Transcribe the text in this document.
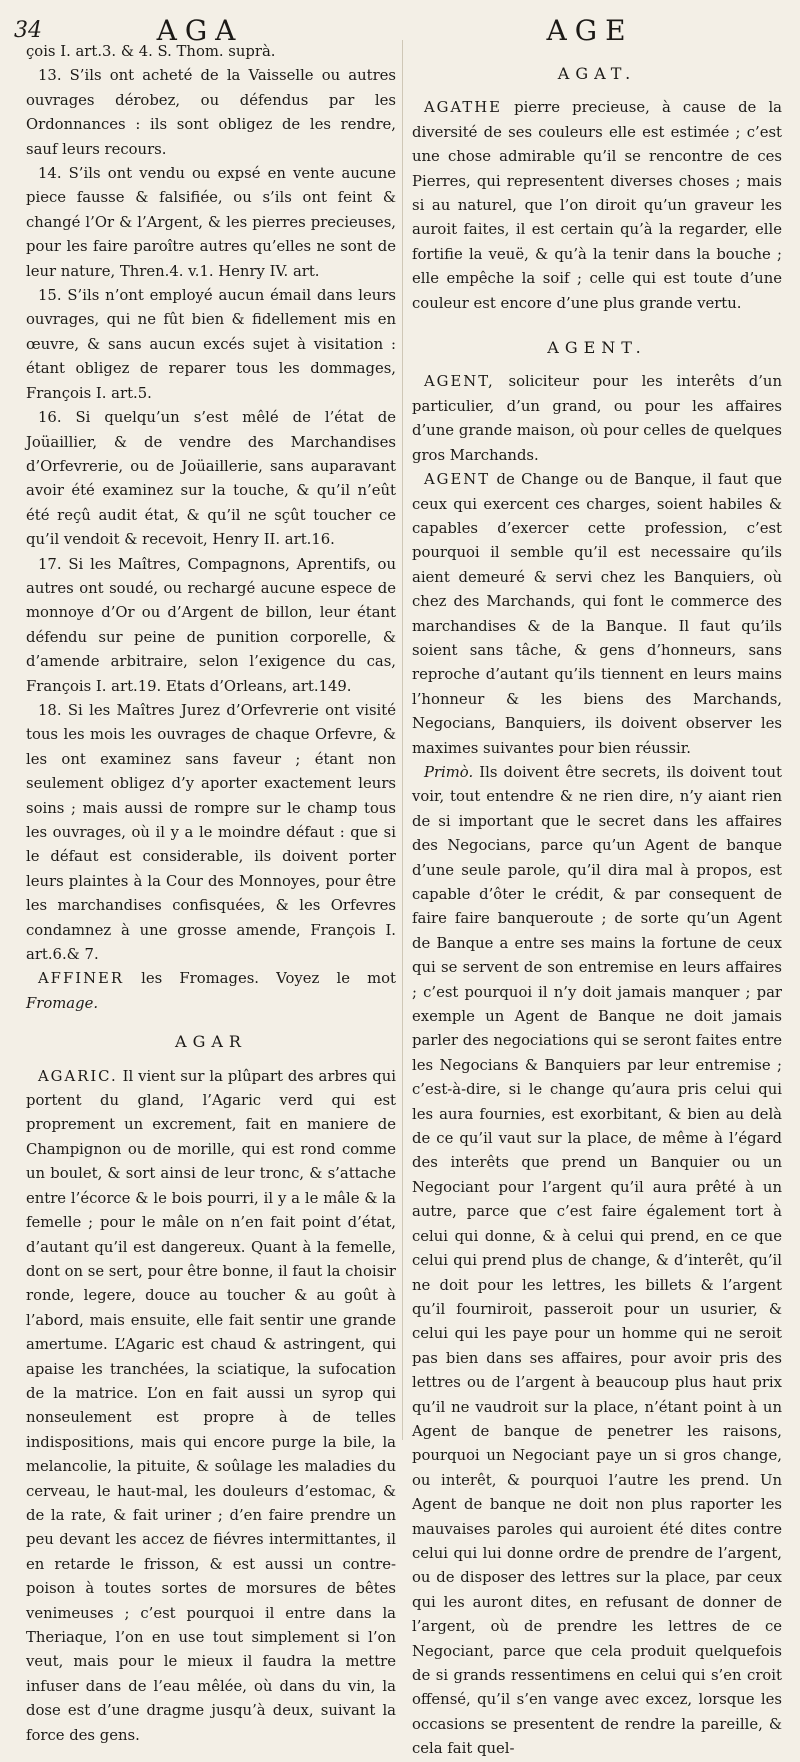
34	AGA	AGE

çois I. art.3. & 4. S. Thom. suprà.

13. S’ils ont acheté de la Vaisselle ou autres ouvrages dérobez, ou défendus par les Ordonnances : ils sont obligez de les rendre, sauf leurs recours.

14. S’ils ont vendu ou expsé en vente aucune piece fausse & falsifiée, ou s’ils ont feint & changé l’Or & l’Argent, & les pierres precieuses, pour les faire paroître autres qu’elles ne sont de leur nature, Thren.4. v.1. Henry IV. art.

15. S’ils n’ont employé aucun émail dans leurs ouvrages, qui ne fût bien & fidellement mis en œuvre, & sans aucun excés sujet à visitation : étant obligez de reparer tous les dommages, François I. art.5.

16. Si quelqu’un s’est mêlé de l’état de Joüaillier, & de vendre des Marchandises d’Orfevrerie, ou de Joüaillerie, sans auparavant avoir été examinez sur la touche, & qu’il n’eût été reçû audit état, & qu’il ne sçût toucher ce qu’il vendoit & recevoit, Henry II. art.16.

17. Si les Maîtres, Compagnons, Aprentifs, ou autres ont soudé, ou rechargé aucune espece de monnoye d’Or ou d’Argent de billon, leur étant défendu sur peine de punition corporelle, & d’amende arbitraire, selon l’exigence du cas, François I. art.19. Etats d’Orleans, art.149.

18. Si les Maîtres Jurez d’Orfevrerie ont visité tous les mois les ouvrages de chaque Orfevre, & les ont examinez sans faveur ; étant non seulement obligez d’y aporter exactement leurs soins ; mais aussi de rompre sur le champ tous les ouvrages, où il y a le moindre défaut : que si le défaut est considerable, ils doivent porter leurs plaintes à la Cour des Monnoyes, pour être les marchandises confisquées, & les Orfevres condamnez à une grosse amende, François I. art.6.& 7.

AFFINER les Fromages. Voyez le mot Fromage.

AGAR

AGARIC. Il vient sur la plûpart des arbres qui portent du gland, l’Agaric verd qui est proprement un excrement, fait en maniere de Champignon ou de morille, qui est rond comme un boulet, & sort ainsi de leur tronc, & s’attache entre l’écorce & le bois pourri, il y a le mâle & la femelle ; pour le mâle on n’en fait point d’état, d’autant qu’il est dangereux. Quant à la femelle, dont on se sert, pour être bonne, il faut la choisir ronde, legere, douce au toucher & au goût à l’abord, mais ensuite, elle fait sentir une grande amertume. L’Agaric est chaud & astringent, qui apaise les tranchées, la sciatique, la sufocation de la matrice. L’on en fait aussi un syrop qui nonseulement est propre à de telles indispositions, mais qui encore purge la bile, la melancolie, la pituite, & soûlage les maladies du cerveau, le haut-mal, les douleurs d’estomac, & de la rate, & fait uriner ; d’en faire prendre un peu devant les accez de fiévres intermittantes, il en retarde le frisson, & est aussi un contre-poison à toutes sortes de morsures de bêtes venimeuses ; c’est pourquoi il entre dans la Theriaque, l’on en use tout simplement si l’on veut, mais pour le mieux il faudra la mettre infuser dans de l’eau mêlée, où dans du vin, la dose est d’une dragme jusqu’à deux, suivant la force des gens.

AGAT.

AGATHE pierre precieuse, à cause de la diversité de ses couleurs elle est estimée ; c’est une chose admirable qu’il se rencontre de ces Pierres, qui representent diverses choses ; mais si au naturel, que l’on diroit qu’un graveur les auroit faites, il est certain qu’à la regarder, elle fortifie la veuë, & qu’à la tenir dans la bouche ; elle empêche la soif ; celle qui est toute d’une couleur est encore d’une plus grande vertu.

AGENT.

AGENT, soliciteur pour les interêts d’un particulier, d’un grand, ou pour les affaires d’une grande maison, où pour celles de quelques gros Marchands.

AGENT de Change ou de Banque, il faut que ceux qui exercent ces charges, soient habiles & capables d’exercer cette profession, c’est pourquoi il semble qu’il est necessaire qu’ils aient demeuré & servi chez les Banquiers, où chez des Marchands, qui font le commerce des marchandises & de la Banque. Il faut qu’ils soient sans tâche, & gens d’honneurs, sans reproche d’autant qu’ils tiennent en leurs mains l’honneur & les biens des Marchands, Negocians, Banquiers, ils doivent observer les maximes suivantes pour bien réussir.

Primò. Ils doivent être secrets, ils doivent tout voir, tout entendre & ne rien dire, n’y aiant rien de si important que le secret dans les affaires des Negocians, parce qu’un Agent de banque d’une seule parole, qu’il dira mal à propos, est capable d’ôter le crédit, & par consequent de faire faire banqueroute ; de sorte qu’un Agent de Banque a entre ses mains la fortune de ceux qui se servent de son entremise en leurs affaires ; c’est pourquoi il n’y doit jamais manquer ; par exemple un Agent de Banque ne doit jamais parler des negociations qui se seront faites entre les Negocians & Banquiers par leur entremise ; c’est-à-dire, si le change qu’aura pris celui qui les aura fournies, est exorbitant, & bien au delà de ce qu’il vaut sur la place, de même à l’égard des interêts que prend un Banquier ou un Negociant pour l’argent qu’il aura prêté à un autre, parce que c’est faire également tort à celui qui donne, & à celui qui prend, en ce que celui qui prend plus de change, & d’interêt, qu’il ne doit pour les lettres, les billets & l’argent qu’il fourniroit, passeroit pour un usurier, & celui qui les paye pour un homme qui ne seroit pas bien dans ses affaires, pour avoir pris des lettres ou de l’argent à beaucoup plus haut prix qu’il ne vaudroit sur la place, n’étant point à un Agent de banque de penetrer les raisons, pourquoi un Negociant paye un si gros change, ou interêt, & pourquoi l’autre les prend. Un Agent de banque ne doit non plus raporter les mauvaises paroles qui auroient été dites contre celui qui lui donne ordre de prendre de l’argent, ou de disposer des lettres sur la place, par ceux qui les auront dites, en refusant de donner de l’argent, où de prendre les lettres de ce Negociant, parce que cela produit quelquefois de si grands ressentimens en celui qui s’en croit offensé, qu’il s’en vange avec excez, lorsque les occasions se presentent de rendre la pareille, & cela fait quel-
